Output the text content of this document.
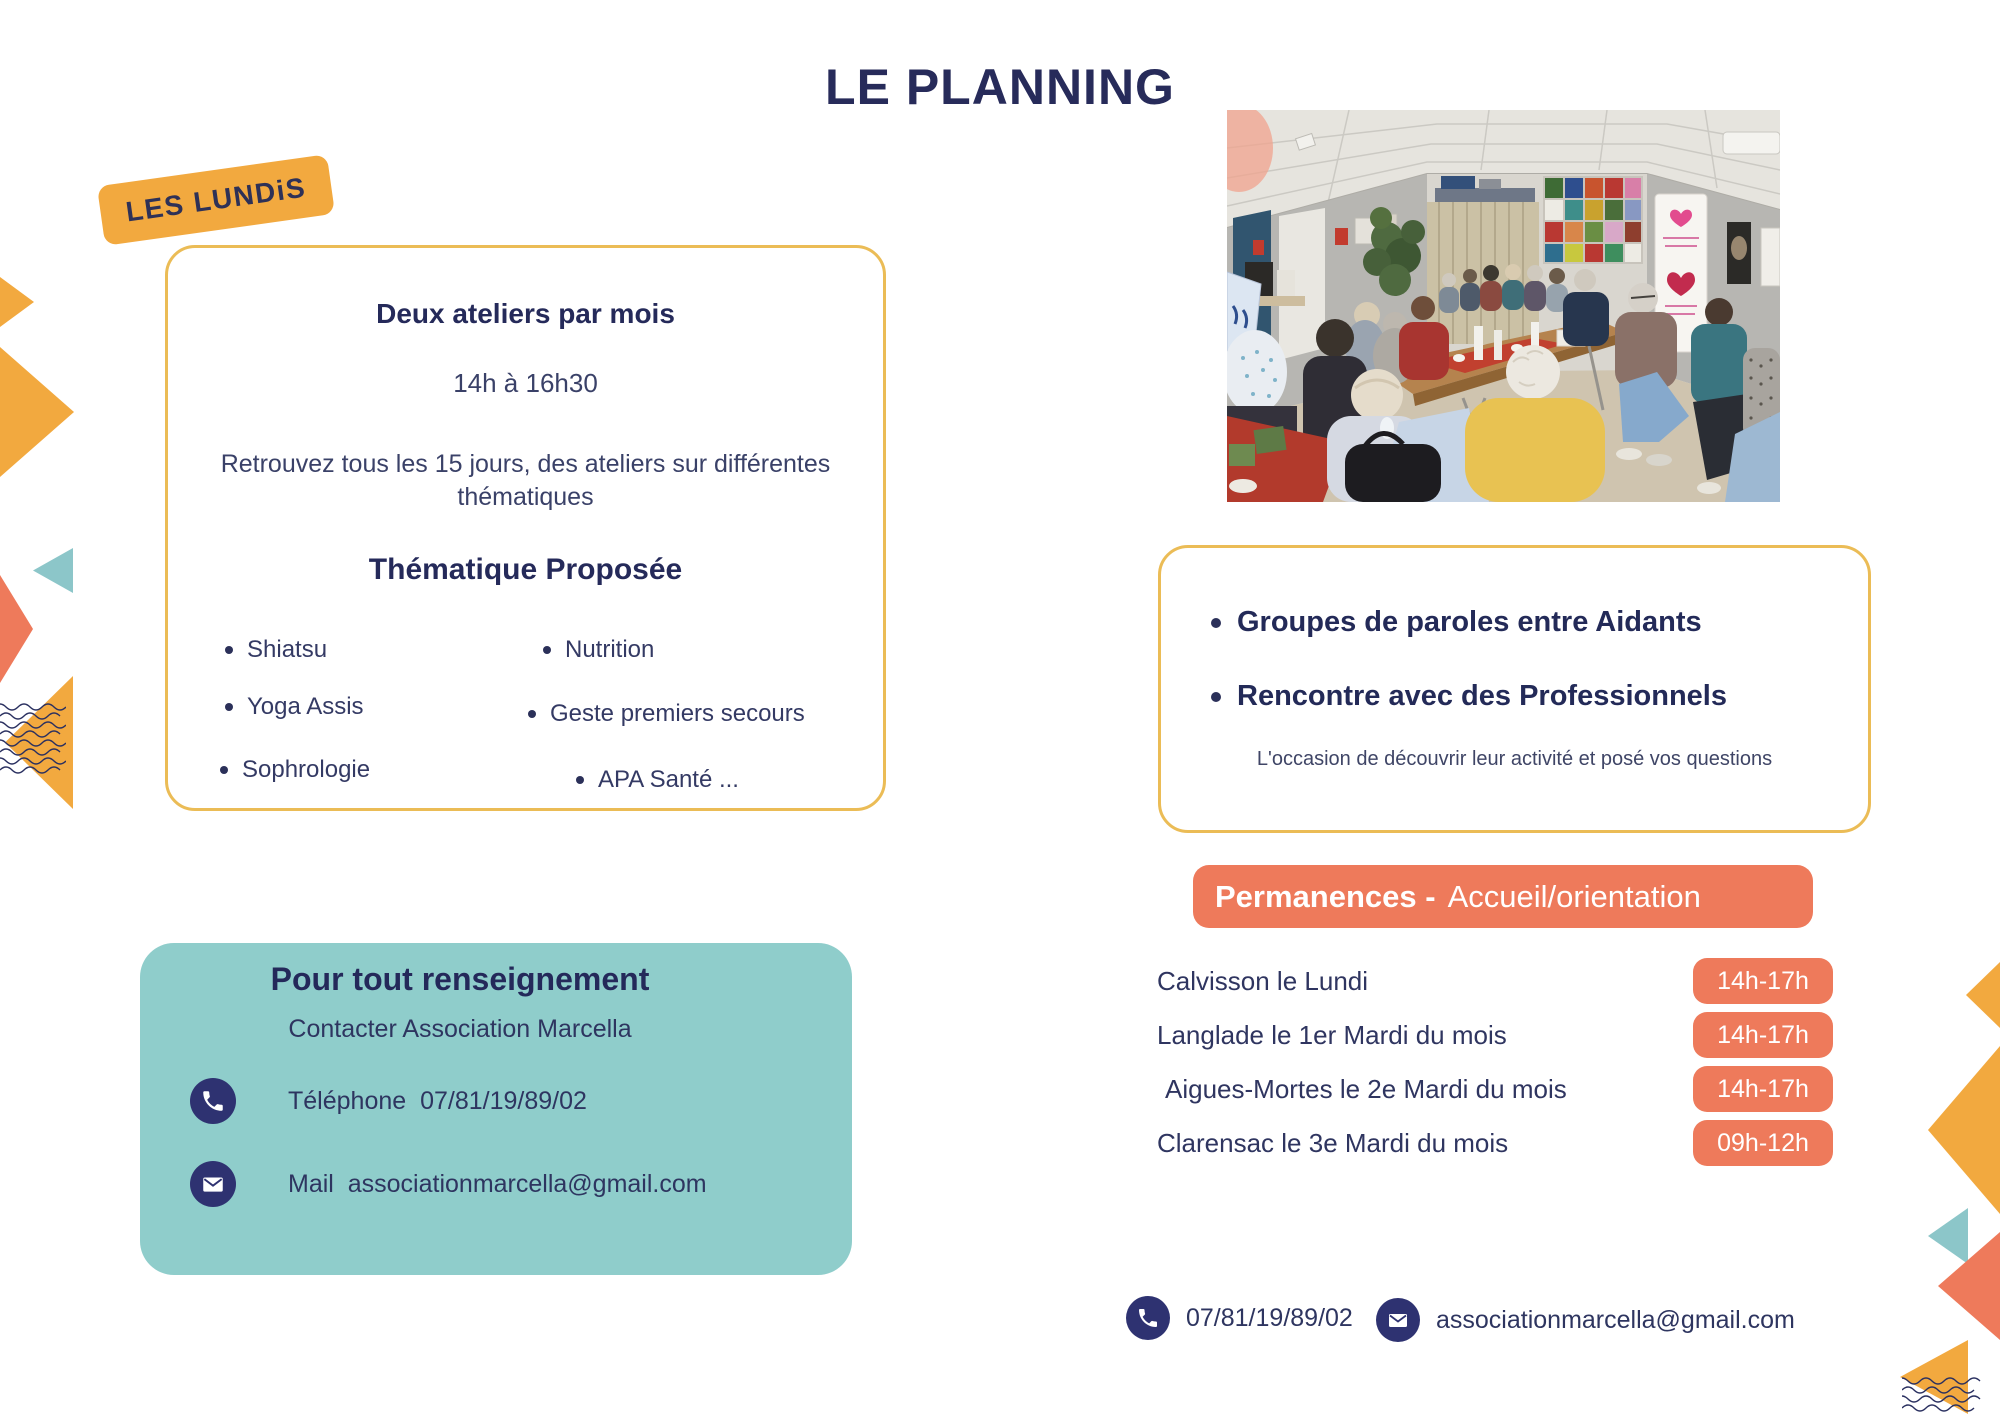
LE PLANNING
LES LUNDiS
Deux ateliers par mois
14h à 16h30
Retrouvez tous les 15 jours, des ateliers sur différentes thématiques
Thématique Proposée
Shiatsu
Yoga Assis
Sophrologie
Nutrition
Geste premiers secours
APA Santé ...
Groupes de paroles entre Aidants
Rencontre avec des Professionnels
L'occasion de découvrir leur activité et posé vos questions
Permanences - Accueil/orientation
Calvisson le Lundi	14h-17h
Langlade le 1er Mardi du mois	14h-17h
Aigues-Mortes le 2e Mardi du mois	14h-17h
Clarensac le 3e Mardi du mois	09h-12h
Pour tout renseignement
Contacter Association Marcella
Téléphone 07/81/19/89/02
Mail associationmarcella@gmail.com
07/81/19/89/02	associationmarcella@gmail.com
